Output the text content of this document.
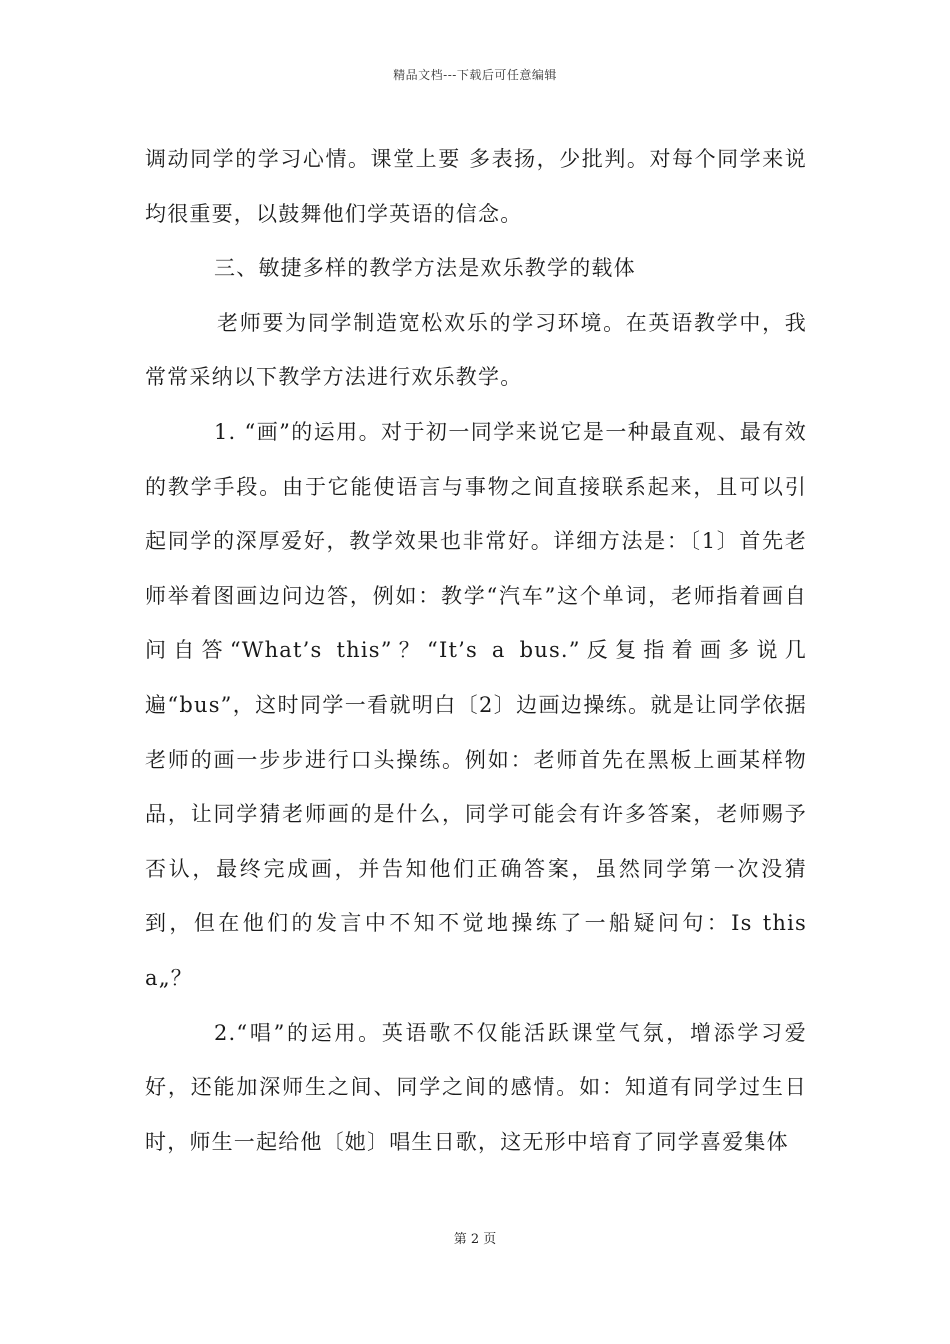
精品文档---下载后可任意编辑

调动同学的学习心情。课堂上要 多表扬，少批判。对每个同学来说均很重要，以鼓舞他们学英语的信念。

三、敏捷多样的教学方法是欢乐教学的载体

老师要为同学制造宽松欢乐的学习环境。在英语教学中，我常常采纳以下教学方法进行欢乐教学。

1. “画”的运用。对于初一同学来说它是一种最直观、最有效的教学手段。由于它能使语言与事物之间直接联系起来，且可以引起同学的深厚爱好，教学效果也非常好。详细方法是：〔1〕首先老师举着图画边问边答，例如：教学“汽车”这个单词，老师指着画自问自答“What’s this”？“It’s a bus.”反复指着画多说几遍“bus”，这时同学一看就明白〔2〕边画边操练。就是让同学依据老师的画一步步进行口头操练。例如：老师首先在黑板上画某样物品，让同学猜老师画的是什么，同学可能会有许多答案，老师赐予否认，最终完成画，并告知他们正确答案，虽然同学第一次没猜到，但在他们的发言中不知不觉地操练了一船疑问句：Is this a„？

2.“唱”的运用。英语歌不仅能活跃课堂气氛，增添学习爱好，还能加深师生之间、同学之间的感情。如：知道有同学过生日时，师生一起给他〔她〕唱生日歌，这无形中培育了同学喜爱集体

第 2 页
